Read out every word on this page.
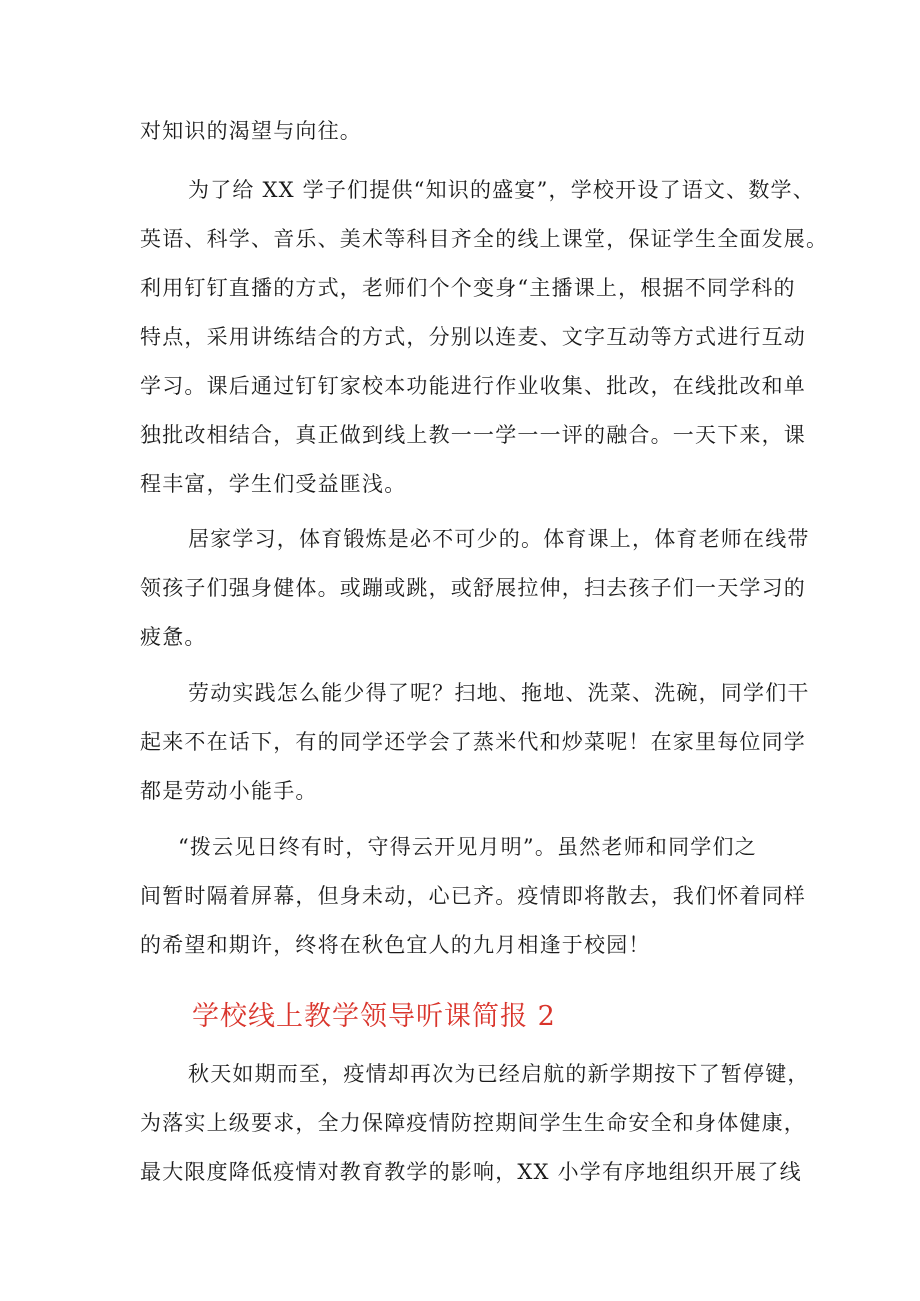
对知识的渴望与向往。
为了给 XX 学子们提供“知识的盛宴”，学校开设了语文、数学、
英语、科学、音乐、美术等科目齐全的线上课堂，保证学生全面发展。
利用钉钉直播的方式，老师们个个变身“主播课上，根据不同学科的
特点，采用讲练结合的方式，分别以连麦、文字互动等方式进行互动
学习。课后通过钉钉家校本功能进行作业收集、批改，在线批改和单
独批改相结合，真正做到线上教一一学一一评的融合。一天下来，课
程丰富，学生们受益匪浅。
居家学习，体育锻炼是必不可少的。体育课上，体育老师在线带
领孩子们强身健体。或蹦或跳，或舒展拉伸，扫去孩子们一天学习的
疲惫。
劳动实践怎么能少得了呢？扫地、拖地、洗菜、洗碗，同学们干
起来不在话下，有的同学还学会了蒸米代和炒菜呢！在家里每位同学
都是劳动小能手。
“拨云见日终有时，守得云开见月明”。虽然老师和同学们之
间暂时隔着屏幕，但身未动，心已齐。疫情即将散去，我们怀着同样
的希望和期许，终将在秋色宜人的九月相逢于校园！
学校线上教学领导听课简报 2
秋天如期而至，疫情却再次为已经启航的新学期按下了暂停键，
为落实上级要求，全力保障疫情防控期间学生生命安全和身体健康，
最大限度降低疫情对教育教学的影响，XX 小学有序地组织开展了线
